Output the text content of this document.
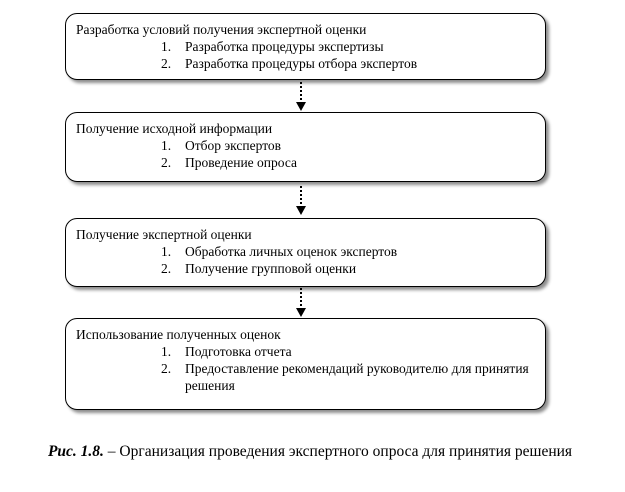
Разработка условий получения экспертной оценки
1. Разработка процедуры экспертизы
2. Разработка процедуры отбора экспертов
Получение исходной информации
1. Отбор экспертов
2. Проведение опроса
Получение экспертной оценки
1. Обработка личных оценок экспертов
2. Получение групповой оценки
Использование полученных оценок
1. Подготовка отчета
2. Предоставление рекомендаций руководителю для принятия решения
Рис. 1.8. – Организация проведения экспертного опроса для принятия решения
